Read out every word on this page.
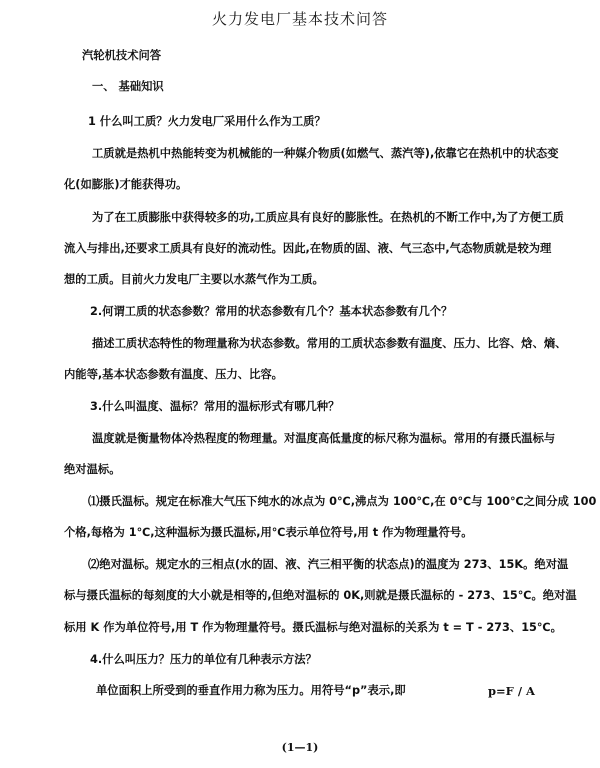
火力发电厂基本技术问答
汽轮机技术问答
一、 基础知识
1 什么叫工质？火力发电厂采用什么作为工质？
工质就是热机中热能转变为机械能的一种媒介物质(如燃气、蒸汽等),依靠它在热机中的状态变
化(如膨胀)才能获得功。
为了在工质膨胀中获得较多的功,工质应具有良好的膨胀性。在热机的不断工作中,为了方便工质
流入与排出,还要求工质具有良好的流动性。因此,在物质的固、液、气三态中,气态物质就是较为理
想的工质。目前火力发电厂主要以水蒸气作为工质。
2.何谓工质的状态参数？常用的状态参数有几个？基本状态参数有几个？
描述工质状态特性的物理量称为状态参数。常用的工质状态参数有温度、压力、比容、焓、熵、
内能等,基本状态参数有温度、压力、比容。
3.什么叫温度、温标？常用的温标形式有哪几种？
温度就是衡量物体冷热程度的物理量。对温度高低量度的标尺称为温标。常用的有摄氏温标与
绝对温标。
⑴摄氏温标。规定在标准大气压下纯水的冰点为 0℃,沸点为 100℃,在 0℃与 100℃之间分成 100
个格,每格为 1℃,这种温标为摄氏温标,用℃表示单位符号,用 t 作为物理量符号。
⑵绝对温标。规定水的三相点(水的固、液、汽三相平衡的状态点)的温度为 273、15K。绝对温
标与摄氏温标的每刻度的大小就是相等的,但绝对温标的 0K,则就是摄氏温标的 - 273、15℃。绝对温
标用 K 作为单位符号,用 T 作为物理量符号。摄氏温标与绝对温标的关系为 t = T - 273、15℃。
4.什么叫压力？压力的单位有几种表示方法？
单位面积上所受到的垂直作用力称为压力。用符号“p”表示,即	p=F / A
(1—1)
